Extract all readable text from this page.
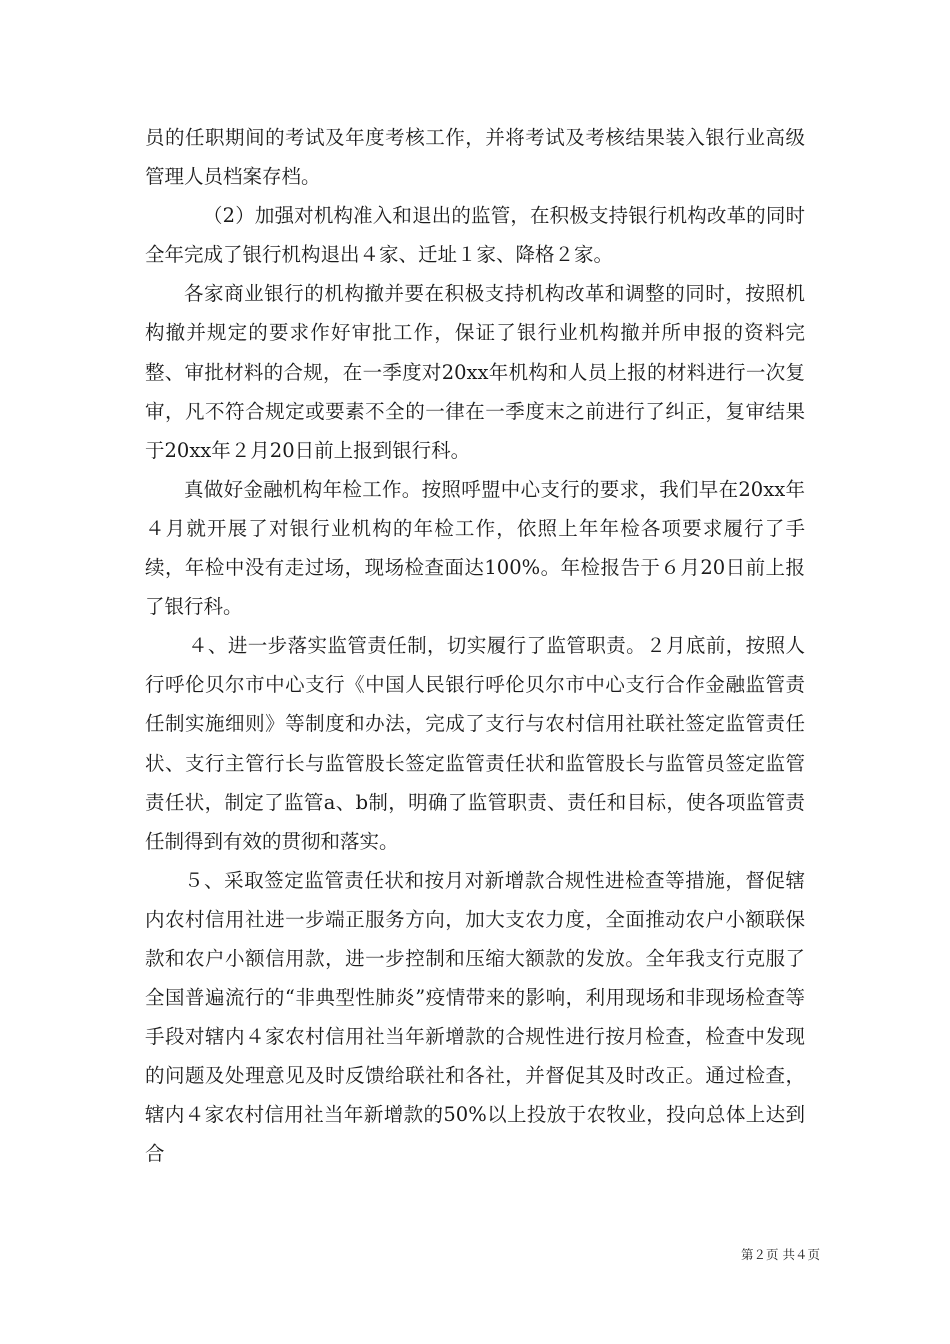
员的任职期间的考试及年度考核工作，并将考试及考核结果装入银行业高级管理人员档案存档。

（2）加强对机构准入和退出的监管，在积极支持银行机构改革的同时全年完成了银行机构退出４家、迁址１家、降格２家。

各家商业银行的机构撤并要在积极支持机构改革和调整的同时，按照机构撤并规定的要求作好审批工作，保证了银行业机构撤并所申报的资料完整、审批材料的合规，在一季度对20xx年机构和人员上报的材料进行一次复审，凡不符合规定或要素不全的一律在一季度末之前进行了纠正，复审结果于20xx年２月20日前上报到银行科。

真做好金融机构年检工作。按照呼盟中心支行的要求，我们早在20xx年４月就开展了对银行业机构的年检工作，依照上年年检各项要求履行了手续，年检中没有走过场，现场检查面达100%。年检报告于６月20日前上报了银行科。

４、进一步落实监管责任制，切实履行了监管职责。２月底前，按照人行呼伦贝尔市中心支行《中国人民银行呼伦贝尔市中心支行合作金融监管责任制实施细则》等制度和办法，完成了支行与农村信用社联社签定监管责任状、支行主管行长与监管股长签定监管责任状和监管股长与监管员签定监管责任状，制定了监管a、b制，明确了监管职责、责任和目标，使各项监管责任制得到有效的贯彻和落实。

５、采取签定监管责任状和按月对新增款合规性进检查等措施，督促辖内农村信用社进一步端正服务方向，加大支农力度，全面推动农户小额联保款和农户小额信用款，进一步控制和压缩大额款的发放。全年我支行克服了全国普遍流行的“非典型性肺炎”疫情带来的影响，利用现场和非现场检查等手段对辖内４家农村信用社当年新增款的合规性进行按月检查，检查中发现的问题及处理意见及时反馈给联社和各社，并督促其及时改正。通过检查，辖内４家农村信用社当年新增款的50%以上投放于农牧业，投向总体上达到合

第２页 共４页
